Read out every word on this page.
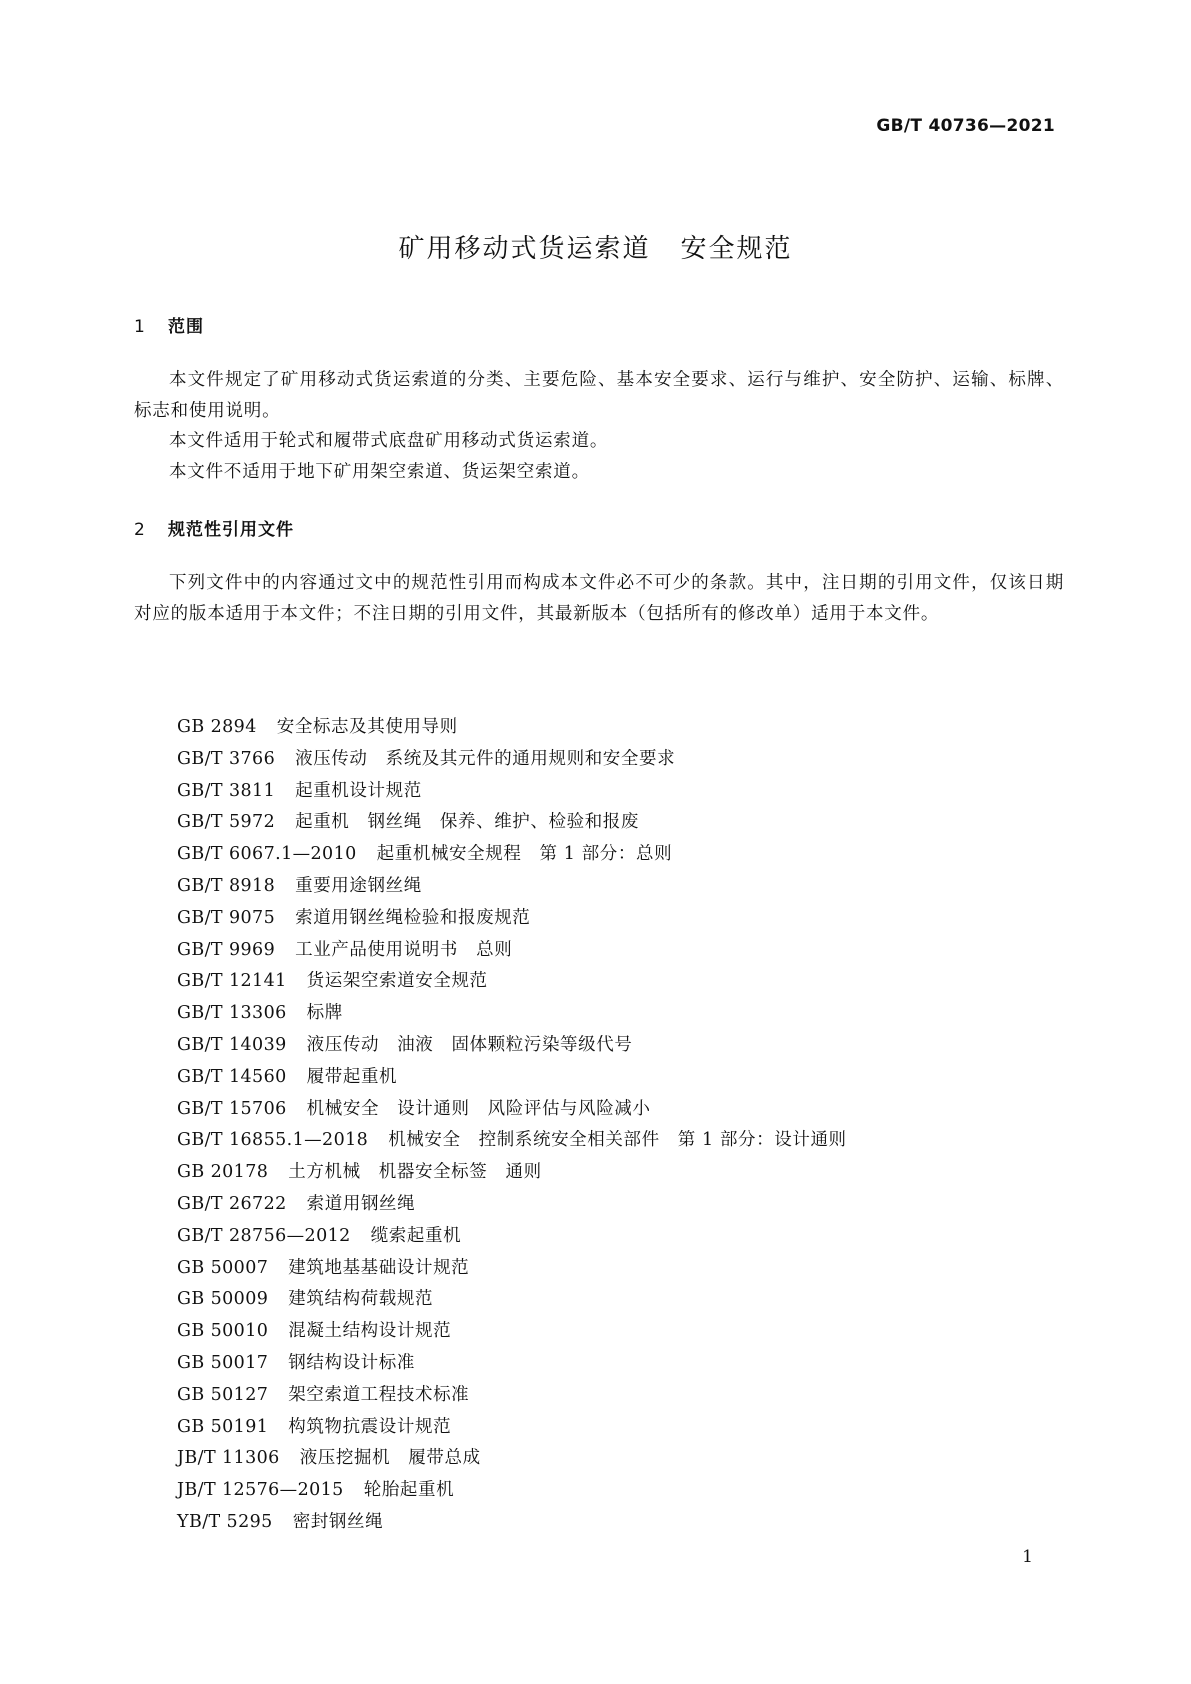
GB/T 40736—2021
矿用移动式货运索道 安全规范
1 范围

本文件规定了矿用移动式货运索道的分类、主要危险、基本安全要求、运行与维护、安全防护、运输、标牌、标志和使用说明。

本文件适用于轮式和履带式底盘矿用移动式货运索道。

本文件不适用于地下矿用架空索道、货运架空索道。

2 规范性引用文件

下列文件中的内容通过文中的规范性引用而构成本文件必不可少的条款。其中，注日期的引用文件，仅该日期对应的版本适用于本文件；不注日期的引用文件，其最新版本（包括所有的修改单）适用于本文件。

GB 2894 安全标志及其使用导则
GB/T 3766 液压传动　系统及其元件的通用规则和安全要求
GB/T 3811 起重机设计规范
GB/T 5972 起重机　钢丝绳　保养、维护、检验和报废
GB/T 6067.1—2010 起重机械安全规程　第 1 部分：总则
GB/T 8918 重要用途钢丝绳
GB/T 9075 索道用钢丝绳检验和报废规范
GB/T 9969 工业产品使用说明书　总则
GB/T 12141 货运架空索道安全规范
GB/T 13306 标牌
GB/T 14039 液压传动　油液　固体颗粒污染等级代号
GB/T 14560 履带起重机
GB/T 15706 机械安全　设计通则　风险评估与风险减小
GB/T 16855.1—2018 机械安全　控制系统安全相关部件　第 1 部分：设计通则
GB 20178 土方机械　机器安全标签　通则
GB/T 26722 索道用钢丝绳
GB/T 28756—2012 缆索起重机
GB 50007 建筑地基基础设计规范
GB 50009 建筑结构荷载规范
GB 50010 混凝土结构设计规范
GB 50017 钢结构设计标准
GB 50127 架空索道工程技术标准
GB 50191 构筑物抗震设计规范
JB/T 11306 液压挖掘机　履带总成
JB/T 12576—2015 轮胎起重机
YB/T 5295 密封钢丝绳
1
